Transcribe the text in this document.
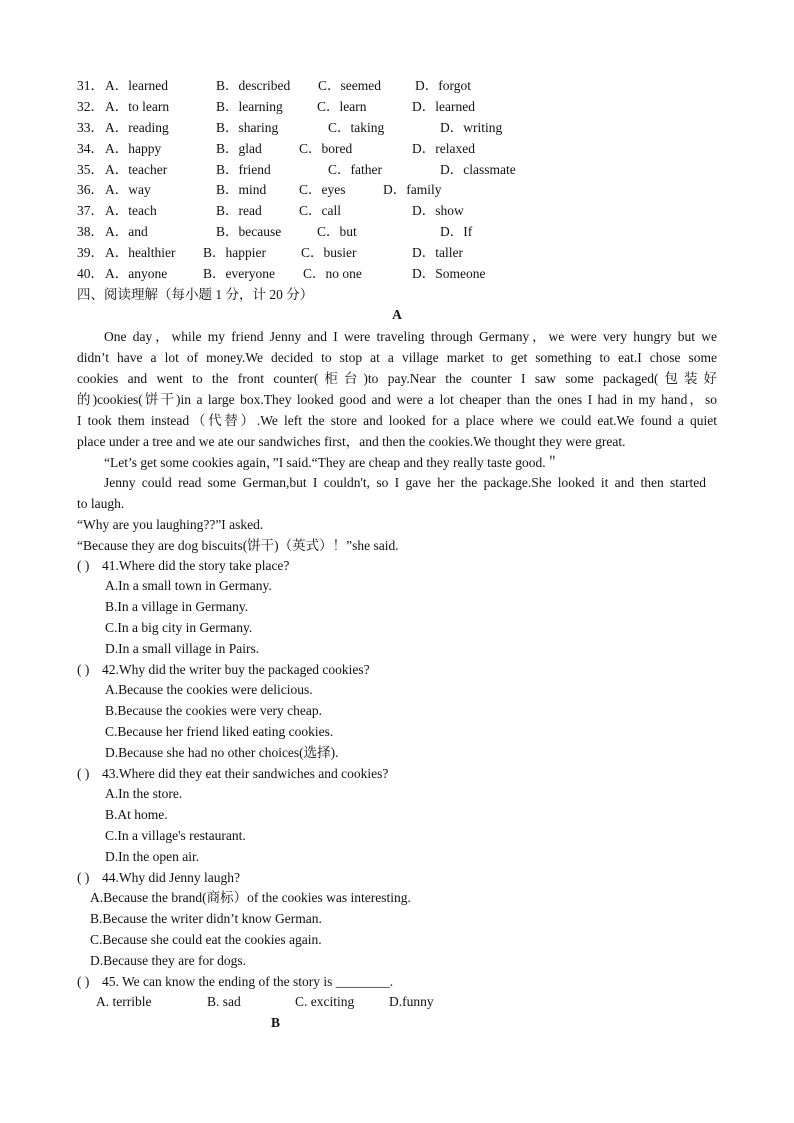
31． A．learned	B．described C．seemed	D．forgot
32． A．to learn	B．learning	C．learn	D．learned
33． A．reading	B．sharing	C．taking	D．writing
34． A．happy	B．glad	C．bored	D．relaxed
35． A．teacher	B．friend	C．father	D．classmate
36． A．way	B．mind C．eyes	D．family
37． A．teach	B．read	C．call	D．show
38． A．and	B．because	C．but	D．If
39． A．healthier B．happier	C．busier	D．taller
40． A．anyone	B．everyone C．no one	D．Someone
四、阅读理解（每小题 1 分，计 20 分）
A
One day，while my friend Jenny and I were traveling through Germany，we were very hungry but we
didn’t have a lot of money.We decided to stop at a village market to get something to eat.I chose some
cookies and went to the front counter(柜台)to pay.Near the counter I saw some packaged(包装好
的)cookies(饼干)in a large box.They looked good and were a lot cheaper than the ones I had in my hand，so
I took them instead（代替）.We left the store and looked for a place where we could eat.We found a quiet
place under a tree and we ate our sandwiches first，and then the cookies.We thought they were great.
“Let’s get some cookies again，”I said.“They are cheap and they really taste good.＂
Jenny could read some German,but I couldn't, so I gave her the package.She looked it and then started
to laugh.
“Why are you laughing??”I asked.
“Because they are dog biscuits(饼干)（英式）！”she said.
( ) 41.Where did the story take place?
A.In a small town in Germany.
B.In a village in Germany.
C.In a big city in Germany.
D.In a small village in Pairs.
( ) 42.Why did the writer buy the packaged cookies?
A.Because the cookies were delicious.
B.Because the cookies were very cheap.
C.Because her friend liked eating cookies.
D.Because she had no other choices(选择).
( ) 43.Where did they eat their sandwiches and cookies?
A.In the store.
B.At home.
C.In a village's restaurant.
D.In the open air.
( ) 44.Why did Jenny laugh?
A.Because the brand(商标）of the cookies was interesting.
B.Because the writer didn’t know German.
C.Because she could eat the cookies again.
D.Because they are for dogs.
( ) 45. We can know the ending of the story is ________.
A. terrible	B. sad	C. exciting	D.funny
B
